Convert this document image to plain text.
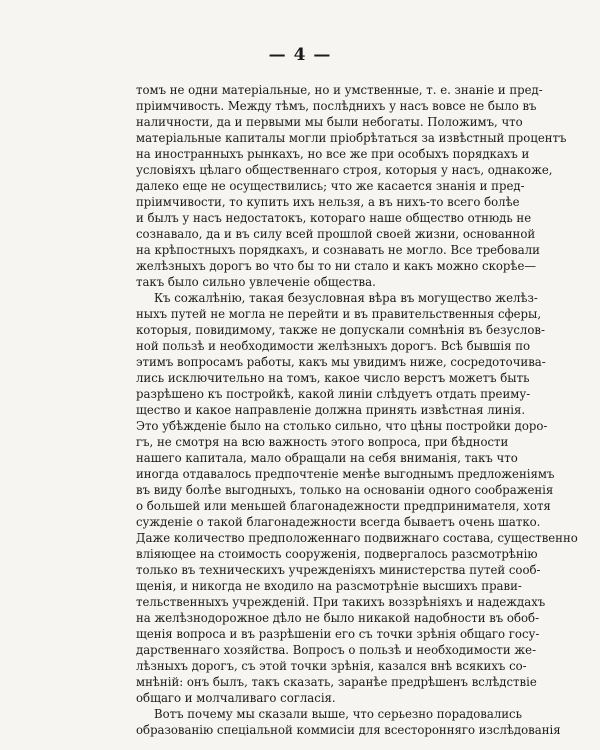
— 4 —

томъ не одни матеріальные, но и умственные, т. е. знаніе и пред-
пріимчивость. Между тѣмъ, послѣднихъ у насъ вовсе не было въ
наличности, да и первыми мы были небогаты. Положимъ, что
матеріальные капиталы могли пріобрѣтаться за извѣстный процентъ
на иностранныхъ рынкахъ, но все же при особыхъ порядкахъ и
условіяхъ цѣлаго общественнаго строя, которыя у насъ, однакоже,
далеко еще не осуществились; что же касается знанія и пред-
пріимчивости, то купить ихъ нельзя, а въ нихъ-то всего болѣе
и былъ у насъ недостатокъ, котораго наше общество отнюдь не
сознавало, да и въ силу всей прошлой своей жизни, основанной
на крѣпостныхъ порядкахъ, и сознавать не могло. Все требовали
желѣзныхъ дорогъ во что бы то ни стало и какъ можно скорѣе—
такъ было сильно увлеченіе общества.

Къ сожалѣнію, такая безусловная вѣра въ могущество желѣз-
ныхъ путей не могла не перейти и въ правительственныя сферы,
которыя, повидимому, также не допускали сомнѣнія въ безуслов-
ной пользѣ и необходимости желѣзныхъ дорогъ. Всѣ бывшія по
этимъ вопросамъ работы, какъ мы увидимъ ниже, сосредоточива-
лись исключительно на томъ, какое число верстъ можетъ быть
разрѣшено къ постройкѣ, какой линіи слѣдуетъ отдать преиму-
щество и какое направленіе должна принять извѣстная линія.
Это убѣжденіе было на столько сильно, что цѣны постройки доро-
гъ, не смотря на всю важность этого вопроса, при бѣдности
нашего капитала, мало обращали на себя вниманія, такъ что
иногда отдавалось предпочтеніе менѣе выгоднымъ предложеніямъ
въ виду болѣе выгодныхъ, только на основаніи одного соображенія
о большей или меньшей благонадежности предпринимателя, хотя
сужденіе о такой благонадежности всегда бываетъ очень шатко.
Даже количество предположеннаго подвижнаго состава, существенно
вліяющее на стоимость сооруженія, подвергалось разсмотрѣнію
только въ техническихъ учрежденіяхъ министерства путей сооб-
щенія, и никогда не входило на разсмотрѣніе высшихъ прави-
тельственныхъ учрежденій. При такихъ воззрѣніяхъ и надеждахъ
на желѣзнодорожное дѣло не было никакой надобности въ обоб-
щенія вопроса и въ разрѣшеніи его съ точки зрѣнія общаго госу-
дарственнаго хозяйства. Вопросъ о пользѣ и необходимости же-
лѣзныхъ дорогъ, съ этой точки зрѣнія, казался внѣ всякихъ со-
мнѣній: онъ былъ, такъ сказать, заранѣе предрѣшенъ вслѣдствіе
общаго и молчаливаго согласія.

Вотъ почему мы сказали выше, что серьезно порадовались
образованію спеціальной коммисіи для всесторонняго изслѣдованія
